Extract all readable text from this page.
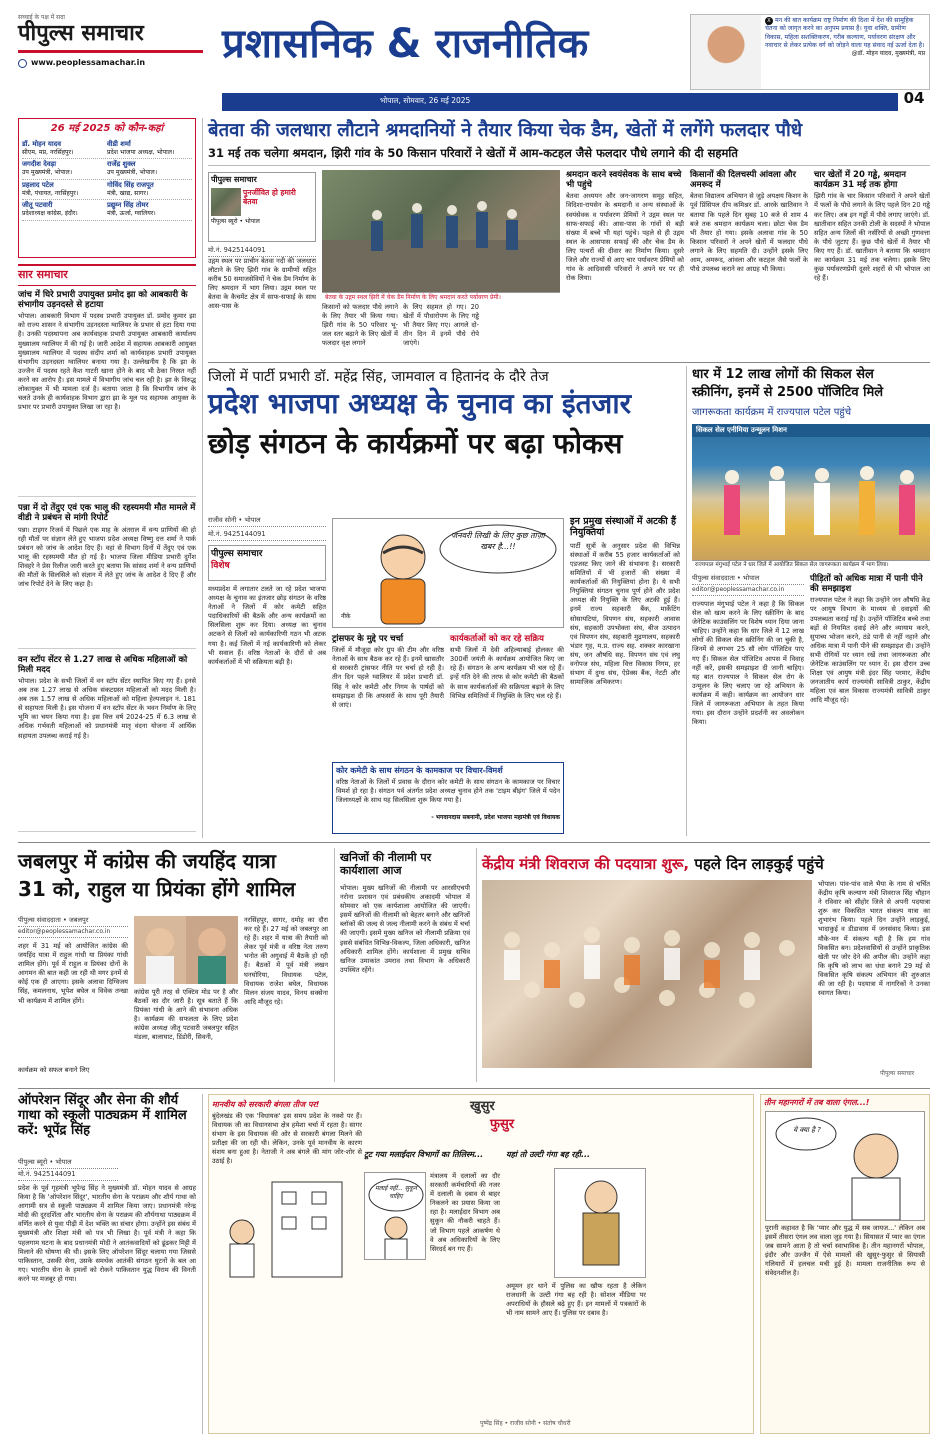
सच्चाई के पक्ष में सदा
पीपुल्स समाचार
www.peoplessamachar.in प्रशासनिक & राजनीतिक
भोपाल, सोमवार, 26 मई 2025	04
X मन की बात कार्यक्रम राष्ट्र निर्माण की दिशा में देश की सामूहिक चेतना को जागृत करने का अनुपम प्रयास है। युवा शक्ति, ग्रामीण विकास, महिला सशक्तिकरण, गरीब कल्याण, पर्यावरण संरक्षण और नवाचार से लेकर प्रत्येक वर्ग को जोड़ने वाला यह संवाद नई ऊर्जा देता है।
@डॉ. मोहन यादव, मुख्यमंत्री, मप्र
26 मई 2025 को कौन-कहां
डॉ. मोहन यादव
सीएम, मप्र, नरसिंहपुर।
वीडी शर्मा
प्रदेश भाजपा अध्यक्ष, भोपाल।
जगदीश देवड़ा
उप मुख्यमंत्री, भोपाल।
राजेंद्र शुक्ल
उप मुख्यमंत्री, भोपाल।
प्रहलाद पटेल
मंत्री, पंचायत, नरसिंहपुर।
गोविंद सिंह राजपूत
मंत्री, खाद्य, सागर।
जीतू पटवारी
प्रदेशाध्यक्ष कांग्रेस, इंदौर।
प्रद्युम्न सिंह तोमर
मंत्री, ऊर्जा, ग्वालियर।
सार समाचार
जांच में घिरे प्रभारी उपायुक्त प्रमोद झा को आबकारी के संभागीय उड़नदस्ते से हटाया
भोपाल। आबकारी विभाग में पदस्थ प्रभारी उपायुक्त डॉ. प्रमोद कुमार झा को राज्य शासन ने संभागीय उड़नदस्ता ग्वालियर के प्रभार से हटा दिया गया है। उनकी पदस्थापना अब कार्यवाहक प्रभारी उपायुक्त आबकारी कार्यालय मुख्यालय ग्वालियर में की गई है। जारी आदेश में सहायक आबकारी आयुक्त मुख्यालय ग्वालियर में पदस्थ संदीप शर्मा को कार्यवाहक प्रभारी उपायुक्त संभागीय उड़नदस्ता ग्वालियर बनाया गया है। उल्लेखनीय है कि झा के उज्जैन में पदस्थ रहते कैश गाटरी खाना होने के बाद भी ठेका निरस्त नहीं करने का आरोप है। इस मामले में विभागीय जांच चल रही है। झा के विरुद्ध लोकायुक्त में भी मामला दर्ज है। बताया जाता है कि विभागीय जांच के चलते उनके ही कार्यवाहक विभाग द्वारा झा के मूल पद सहायक आयुक्त के प्रभार पर प्रभारी उपायुक्त लिखा जा रहा है।
पन्ना में दो तेंदुए एवं एक भालू की रहस्यमयी मौत मामले में वीडी ने प्रबंधन से मांगी रिपोर्ट
पन्ना। टाइगर रिजर्व में पिछले एक माह के अंतराल में वन्य प्राणियों की हो रही मौतों पर संज्ञान लेते हुए भाजपा प्रदेश अध्यक्ष विष्णु दत्त शर्मा ने पार्क प्रबंधन को जांच के आदेश दिए हैं। वहां से विभाग दिनों में तेंदुए एवं एक भालू की रहस्यमयी मौत हो गई है। भाजपा जिला मीडिया प्रभारी दुर्गेश शिवहरे ने प्रेस रिलीज जारी करते हुए बताया कि सांसद शर्मा ने वन्य प्राणियों की मौतों के सिलसिले को संज्ञान में लेते हुए जांच के आदेश दे दिए हैं और जांच रिपोर्ट देने के लिए कहा है।
वन स्टॉप सेंटर से 1.27 लाख से अधिक महिलाओं को मिली मदद
भोपाल। प्रदेश के सभी जिलों में वन स्टॉप सेंटर स्थापित किए गए हैं। इनसे अब तक 1.27 लाख से अधिक संकटग्रस्त महिलाओं को मदद मिली है। अब तक 1.57 लाख से अधिक महिलाओं को महिला हेल्पलाइन नं. 181 से सहायता मिली है। इस योजना में वन स्टॉप सेंटर के भवन निर्माण के लिए भूमि का चयन किया गया है। इस वित्त वर्ष 2024-25 में 6.3 लाख से अधिक गर्भवती महिलाओं को प्रधानमंत्री मातृ वंदना योजना में आर्थिक सहायता उपलब्ध कराई गई है।
बेतवा की जलधारा लौटाने श्रमदानियों ने तैयार किया चेक डैम, खेतों में लगेंगे फलदार पौधे
31 मई तक चलेगा श्रमदान, झिरी गांव के 50 किसान परिवारों ने खेतों में आम-कटहल जैसे फलदार पौधे लगाने की दी सहमति
पीपुल्स समाचार
पुनर्जीवित हो हमारी बेतवा
पीपुल्स ब्यूरो • भोपाल
मो.नं. 9425144091
उद्गम स्थल पर प्राचीन बेतवा नदी की जलधारा लौटाने के लिए झिरी गांव के ग्रामीणों सहित करीब 50 समाजसेवियों ने चेक डैम निर्माण के लिए श्रमदान में भाग लिया। उद्गम स्थल पर बेतवा के कैचमेंट क्षेत्र में साफ-सफाई के साथ आस-पास के
बेतवा के उद्गम स्थल झिरी में चेक डैम निर्माण के लिए श्रमदान करते पर्यावरण प्रेमी।
किसानों को फलदार पौधे लगाने के लिए तैयार भी किया गया। झिरी गांव के 50 परिवार भू-जल स्तर बढ़ाने के लिए खेतों में फलदार वृक्ष लगाने
के लिए सहमत हो गए। 20 खेतों में पौधारोपण के लिए गड्ढे भी तैयार किए गए। आगले दो-तीन दिन में इनमें पौधे रोपे जाएंगे।
श्रमदान करने स्वयंसेवक के साथ बच्चे भी पहुंचे
बेतवा अध्ययन और जन-जागरण समूह सहित, विदिशा-रायसेन के श्रमदानी व अन्य संस्थाओं के स्वयंसेवक व पर्यावरण प्रेमियों ने उद्गम स्थल पर साफ-सफाई की। आस-पास के गांवों से बड़ी संख्या में बच्चे भी यहां पहुंचे। पहले से ही उद्गम स्थल के आसपास सफाई की और चेक डैम के लिए पत्थरों की दीवार का निर्माण किया। दूसरे जिले और राज्यों से आए चार पर्यावरण प्रेमियों को गांव के आदिवासी परिवारों ने अपने घर पर ही रोक लिया।
किसानों की दिलचस्पी आंवला और अमरूद में
बेतवा विद्यालय अभियान से जुड़े अयक्षय किशन के पूर्व प्रिंसिपल दीप कमिश्नर डॉ. आरके खातिवान ने बताया कि पहले दिन सुबह 10 बजे से शाम 4 बजे तक श्रमदान कार्यक्रम चला। छोटा चेक डैम भी तैयार हो गया। इसके अलावा गांव के 50 किसान परिवारों ने अपने खेतों में फलदार पौधे लगाने के लिए सहमति दी। उन्होंने इसके लिए आम, अमरूद, आंवला और कटहल जैसे फलों के पौधे उपलब्ध कराने का आग्रह भी किया।
चार खेतों में 20 गड्ढे, श्रमदान कार्यक्रम 31 मई तक होगा
झिरी गांव के चार किसान परिवारों ने अपने खेतों में फलों के पौधे लगाने के लिए पहले दिन 20 गड्ढे कर लिए। अब इन गड्ढों में पौधे लगाए जाएंगे। डॉ. खातीवान सहित उनकी टोली के सदस्यों ने भोपाल सहित अन्य जिलों की नर्सरियों से अच्छी गुणवत्ता के पौधे जुटाए हैं। कुछ पौधे खेतों में तैयार भी किए गए हैं। डॉ. खातीवान ने बताया कि श्रमदान का कार्यक्रम 31 मई तक चलेगा। इसके लिए कुछ पर्यावरणप्रेमी दूसरे शहरों से भी भोपाल आ रहे हैं।
जिलों में पार्टी प्रभारी डॉ. महेंद्र सिंह, जामवाल व हितानंद के दौरे तेज
प्रदेश भाजपा अध्यक्ष के चुनाव का इंतजार
छोड़ संगठन के कार्यक्रमों पर बढ़ा फोकस
राजीव सोनी • भोपाल
मो.नं. 9425144091
पीपुल्स समाचार
विशेष
मध्यप्रदेश में लगातार टलते जा रहे प्रदेश भाजपा अध्यक्ष के चुनाव का इंतजार छोड़ संगठन के वरिष्ठ नेताओं ने जिलों में कोर कमेटी सहित पदाधिकारियों की बैठकें और अन्य कार्यक्रमों का सिलसिला शुरू कर दिया। अध्यक्ष का चुनाव अटकने से जिलों को कार्यकारिणी गठन भी अटक गया है। कई जिलों में नई कार्यकारिणी को लेकर भी सवाल हैं। वरिष्ठ नेताओं के दौरों से अब कार्यकर्ताओं में भी सक्रियता बढ़ी है।
जनवरी लिखी के लिए कुछ ताज़ा खबर है...!!
नीके
ट्रांसफर के मुद्दे पर चर्चा
जिलों में मौजूदा कोर ग्रुप की टीम और वरिष्ठ नेताओं के साथ बैठक कर रहे हैं। इनमें खासतौर से सरकारी ट्रांसफर नीति पर चर्चा हो रही है। तीन दिन पहले ग्वालियर में प्रदेश प्रभारी डॉ. सिंह ने कोर कमेटी और निगम के पार्षदों को समझाइश दी कि अफसरों के साथ पूरी तैयारी से जाएं।
कार्यकर्ताओं को कर रहे सक्रिय
सभी जिलों में देवी अहिल्याबाई होलकर की 300वीं जयंती के कार्यक्रम आयोजित किए जा रहे हैं। संगठन के अन्य कार्यक्रम भी चल रहे हैं। इन्हें गति देने की तरफ से कोर कमेटी की बैठकों के साथ कार्यकर्ताओं की सक्रियता बढ़ाने के लिए विभिन्न समितियों में नियुक्ति के लिए चल रहे हैं।
कोर कमेटी के साथ संगठन के कामकाज पर विचार-विमर्श
वरिष्ठ नेताओं के जिलों में प्रवास के दौरान कोर कमेटी के साथ संगठन के कामकाज पर विचार विमर्श हो रहा है। संगठन पर्व अंतर्गत प्रदेश अध्यक्ष चुनाव होने तक 'टाइम बीइंग' जिले में पदेन जिलाध्यक्षों के साथ यह सिलसिला शुरू किया गया है।
- भगवानदास सबनानी, प्रदेश भाजपा महामंत्री एवं विधायक
इन प्रमुख संस्थाओं में अटकी हैं नियुक्तियां
पार्टी सूत्रों के अनुसार प्रदेश की विभिन्न संस्थाओं में करीब 55 हजार कार्यकर्ताओं को एडजस्ट किए जाने की संभावना है। सरकारी समितियों में भी हजारों की संख्या में कार्यकर्ताओं की नियुक्तियां होना है। ये सभी नियुक्तियां संगठन चुनाव पूर्ण होने और प्रदेश अध्यक्ष की नियुक्ति के लिए अटकी हुई हैं। इनमें राज्य सहकारी बैंक, मार्केटिंग सोसायटियां, विपणन संघ, सहकारी आवास संघ, सहकारी उपभोक्ता संघ, बीज उत्पादन एवं विपणन संघ, सहकारी मुद्रणालय, सहकारी भंडार गृह, म.प्र. राज्य सह. शक्कर कारखाना संघ, जन औषधि सह. विपणन संघ एवं लघु वनोपज संघ, महिला वित्त विकास निगम, हर संभाग में दुग्ध संघ, ऐप्रेक्स बैंक, नेटटी और सामाजिक अभिकरण।
धार में 12 लाख लोगों की सिकल सेल
स्क्रीनिंग, इनमें से 2500 पॉजिटिव मिले
जागरूकता कार्यक्रम में राज्यपाल पटेल पहुंचे
सिकल सेल एनीमिया उन्मूलन मिशन
राज्यपाल मंगुभाई पटेल ने धार जिले में आयोजित सिकल सेल जागरूकता कार्यक्रम में भाग लिया।
पीपुल्स संवाददाता • भोपाल
editor@peoplessamachar.co.in
राज्यपाल मंगुभाई पटेल ने कहा है कि सिकल सेल को खत्म करने के लिए स्क्रीनिंग के बाद जेनेटिक काउंसलिंग पर विशेष ध्यान दिया जाना चाहिए। उन्होंने कहा कि धार जिले में 12 लाख लोगों की सिकल सेल स्क्रीनिंग की जा चुकी है, जिनमें से लगभग 25 सौ लोग पॉजिटिव पाए गए हैं। सिकल सेल पॉजिटिव आपस में विवाह नहीं करें, इसकी समझाइश दी जानी चाहिए। यह बात राज्यपाल ने सिकल सेल रोग के उन्मूलन के लिए चलाए जा रहे अभियान के कार्यक्रम में कही। कार्यक्रम का आयोजन धार जिले में जागरूकता अभियान के तहत किया गया। इस दौरान उन्होंने प्रदर्शनी का अवलोकन किया।
पीड़ितों को अधिक मात्रा में पानी पीने की समझाइश
राज्यपाल पटेल ने कहा कि उन्होंने जन औषधि केंद्र पर आयुष विभाग के माध्यम से दवाइयों की उपलब्धता कराई गई है। उन्होंने पॉजिटिव बच्चे तथा बड़ों से नियमित दवाई लेने और व्यायाम करने, सुपाच्य भोजन करने, ठंडे पानी से नहीं नहाने और अधिक मात्रा में पानी पीने की समझाइश दी। उन्होंने सभी रोगियों पर ध्यान रखें तथा जागरूकता और जेनेटिक काउंसलिंग पर ध्यान दें। इस दौरान उच्च शिक्षा एवं आयुष मंत्री इंदर सिंह परमार, केंद्रीय जनजातीय कार्य राज्यमंत्री सावित्री ठाकुर, केंद्रीय महिला एवं बाल विकास राज्यमंत्री सावित्री ठाकुर आदि मौजूद रहे।
जबलपुर में कांग्रेस की जयहिंद यात्रा
31 को, राहुल या प्रियंका होंगे शामिल
पीपुल्स संवाददाता • जबलपुर
editor@peoplessamachar.co.in
शहर में 31 मई को आयोजित कांग्रेस की जयहिंद यात्रा में राहुल गांधी या प्रियंका गांधी शामिल होंगे। पूर्व में राहुल व प्रियंका दोनों के आगमन की बात कही जा रही थी मगर इनमें से कोई एक ही आएगा। इसके अलावा दिग्विजय सिंह, कमलनाथ, भूपेश बघेल व विवेक तन्खा भी कार्यक्रम में शामिल होंगे।
कार्यक्रम को सफल बनाने लिए
कांग्रेस पूरी तरह से एक्टिव मोड पर है और बैठकों का दौर जारी है। सूत्र बताते हैं कि प्रियंका गांधी के आने की संभावना अधिक है। कार्यक्रम की सफलता के लिए प्रदेश कांग्रेस अध्यक्ष जीतू पटवारी जबलपुर सहित मंडला, बालाघाट, डिंडोरी, सिवनी,
नरसिंहपुर, सागर, दमोह का दौरा कर रहे हैं। 27 मई को जबलपुर आ रहे हैं। शहर में यात्रा की तैयारी को लेकर पूर्व मंत्री व वरिष्ठ नेता तरुण भनोत की अगुवाई में बैठकें हो रही हैं। बैठकों में पूर्व मंत्री लखन घनघोरिया, विधायक पटेल, विधायक राजेश बघेल, विधायक मिलन संजय यादव, विनय सक्सेना आदि मौजूद रहे।
खनिजों की नीलामी पर कार्यशाला आज
भोपाल। मुख्य खनिजों की नीलामी पर आरसीएचपी नरोना प्रशासन एवं प्रबंधकीय अकादमी भोपाल में सोमवार को एक कार्यशाला आयोजित की जाएगी। इसमें खनिजों की नीलामी को बेहतर बनाने और खनिजों ब्लॉकों की जल्द से जल्द नीलामी करने के संबंध में चर्चा की जाएगी। इसमें मुख्य खनिज को नीलामी प्रक्रिया एवं इससे संबंधित विभिन्न-विकल्प, जिला अधिकारी, खनिज अधिकारी शामिल होंगे। कार्यशाला में प्रमुख सचिव खनिज उमाकांत उमराव तथा विभाग के अधिकारी उपस्थित रहेंगे।
केंद्रीय मंत्री शिवराज की पदयात्रा शुरू, पहले दिन लाड़कुई पहुंचे
भोपाल। पांव-पांव वाले भैया के नाम से चर्चित केंद्रीय कृषि कल्याण मंत्री शिवराज सिंह चौहान ने रविवार को सीहोर जिले से अपनी पदयात्रा शुरू कर विकसित भारत संकल्प यात्रा का शुभारंभ किया। पहले दिन उन्होंने लाड़कुई, भादाकुई व डीडावास में जनसंवाद किया। इस मौके-मन में संकल्प यही है कि हम गांव विकसित बन। प्रदेशवासियों से उन्होंने प्राकृतिक खेती पर जोर देने की अपील की। उन्होंने कहा कि कृषि को लाभ का धंधा बनाने 29 मई से विकसित कृषि संकल्प अभियान की शुरुआत की जा रही है। पदयात्रा में नागरिकों ने उनका स्वागत किया।
पीपुल्स समाचार
ऑपरेशन सिंदूर और सेना की शौर्य गाथा को स्कूली पाठ्यक्रम में शामिल करें: भूपेंद्र सिंह
पीपुल्स ब्यूरो • भोपाल
मो.नं. 9425144091
प्रदेश के पूर्व गृहमंत्री भूपेन्द्र सिंह ने मुख्यमंत्री डॉ. मोहन यादव से आग्रह किया है कि 'ऑपरेशन सिंदूर', भारतीय सेना के पराक्रम और शौर्य गाथा को आगामी सत्र से स्कूली पाठ्यक्रम में शामिल किया जाए। प्रधानमंत्री नरेन्द्र मोदी की दूरदर्शिता और भारतीय सेना के पराक्रम की शौर्यगाथा पाठ्यक्रम में वर्णित करने से युवा पीढ़ी में देश भक्ति का संचार होगा। उन्होंने इस संबंध में मुख्यमंत्री और शिक्षा मंत्री को पत्र भी लिखा है। पूर्व मंत्री ने कहा कि पहलगाम घटना के बाद प्रधानमंत्री मोदी ने आतंकवादियों को ढूंढकर मिट्टी में मिलाने की घोषणा की थी। इसके लिए ऑपरेशन सिंदूर चलाया गया जिससे पाकिस्तान, उसकी सेना, उसके समर्थक आतंकी संगठन घुटनों के बल आ गए। भारतीय सेना के हमलों को रोकने पाकिस्तान युद्ध विराम की विनती करने पर मजबूर हो गया।
खुसुर
फुसुर
मानवीय को सरकारी बंगला तीज पर!
बुंदेलखंड की एक 'विधायक' इस समय प्रदेश के नक्शे पर हैं। विधायक जी का विधानसभा क्षेत्र हमेशा चर्चा में रहता है। सागर संभाग के इस विधायक की ओर से सरकारी बंगला मिलने की प्रतीक्षा की जा रही थी। लेकिन, उनके पूर्व मानवीय के कारण संशय बना हुआ है। नेताजी ने अब बंगले की मांग जोर-शोर से उठाई है।
टूट गया मलाईदार विभागों का तिलिस्म...
मलाई नहीं... सुकून चाहिए
मंत्रालय में दलालों का दौर सरकारी कर्मचारियों की नजर में दलाली के दबाव से बाहर निकलने का प्रयास किया जा रहा है। मलाईदार विभाग अब सुकून की नौकरी चाहते हैं। जो विभाग पहले आकर्षण थे वे अब अधिकारियों के लिए सिरदर्द बन गए हैं।
यहां तो उल्टी गंगा बह रही...
अमूमन हर थाने में पुलिस का खौफ रहता है लेकिन राजधानी के उल्टी गंगा बह रही है। सोशल मीडिया पर अपराधियों के हौसले बढ़े हुए हैं। इन मामलों में पत्रकारों के भी नाम सामने आए हैं। पुलिस पर दबाव है।
पुष्पेंद्र सिंह • राजीव सोनी • संतोष चौधरी
तीन महानगरों में तब वाला एंगल...!
ये क्या है ?
पुरानी कहावत है कि 'प्यार और युद्ध में सब जायज...' लेकिन अब इसमें तीसरा एंगल लव वाला जुड़ गया है। सियासत में प्यार का एंगल जब सामने आता है तो चर्चा स्वाभाविक है। तीन महानगरों भोपाल, इंदौर और उज्जैन में ऐसे मामलों की खुसुर-फुसुर से सियासी गलियारों में हलचल मची हुई है। मामला राजनीतिक रूप से संवेदनशील है।
